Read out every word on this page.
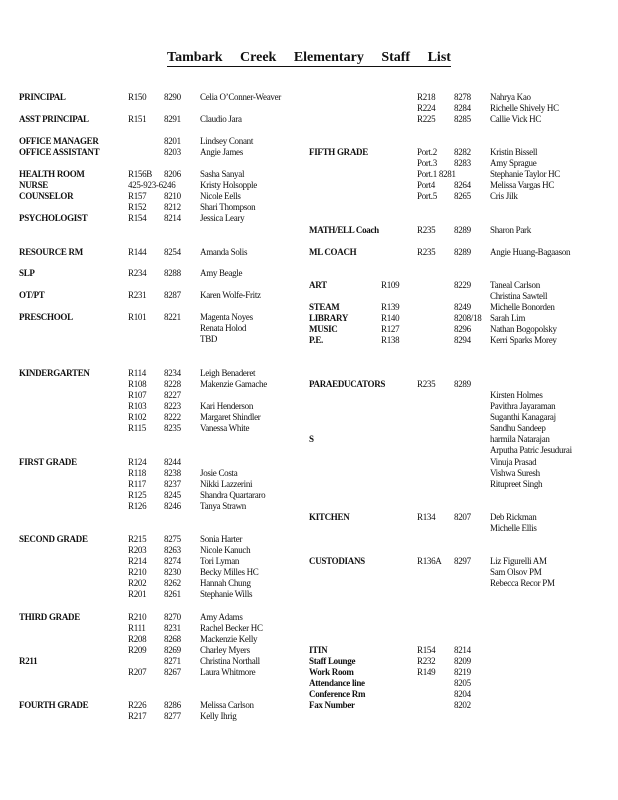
Tambark Creek Elementary Staff List
PRINCIPAL	R150 8290 Celia O’Conner-Weaver
ASST PRINCIPAL	R151 8291 Claudio Jara
OFFICE MANAGER	8201 Lindsey Conant
OFFICE ASSISTANT	8203 Angie James
HEALTH ROOM	R156B 8206 Sasha Sanyal
NURSE	425-923-6246	Kristy Holsopple
COUNSELOR	R157 8210 Nicole Eells
R152 8212 Shari Thompson
PSYCHOLOGIST	R154 8214 Jessica Leary
RESOURCE RM	R144 8254 Amanda Solis
SLP	R234 8288 Amy Beagle
OT/PT	R231 8287 Karen Wolfe-Fritz
PRESCHOOL	R101 8221 Magenta Noyes
Renata Holod
TBD
KINDERGARTEN	R114 8234 Leigh Benaderet
R108 8228 Makenzie Gamache
R107 8227
R103 8223 Kari Henderson
R102 8222 Margaret Shindler
R115 8235 Vanessa White
FIRST GRADE	R124 8244
R118 8238 Josie Costa
R117 8237 Nikki Lazzerini
R125 8245 Shandra Quartararo
R126 8246 Tanya Strawn
SECOND GRADE	R215 8275 Sonia Harter
R203 8263 Nicole Kanuch
R214 8274 Tori Lyman
R210 8230 Becky Milles HC
R202 8262 Hannah Chung
R201 8261 Stephanie Wills
THIRD GRADE	R210 8270 Amy Adams
R111 8231 Rachel Becker HC
R208 8268 Mackenzie Kelly
R209 8269 Charley Myers
R211	8271 Christina Northall
R207 8267 Laura Whitmore
FOURTH GRADE	R226 8286 Melissa Carlson
R217 8277 Kelly Ihrig
R218 8278 Nahrya Kao
R224 8284 Richelle Shively HC
R225 8285 Callie Vick HC
FIFTH GRADE	Port.2 8282 Kristin Bissell
Port.3 8283 Amy Sprague
Port.1 8281	Stephanie Taylor HC
Port4 8264 Melissa Vargas HC
Port.5 8265 Cris Jilk
MATH/ELL Coach	R235 8289 Sharon Park
ML COACH	R235 8289 Angie Huang-Bagaason
ART	R109	8229 Taneal Carlson
Christina Sawtell
STEAM	R139	8249 Michelle Bonorden
LIBRARY	R140	8208/18 Sarah Lim
MUSIC	R127	8296 Nathan Bogopolsky
P.E.	R138	8294 Kerri Sparks Morey
PARAEDUCATORS	R235 8289
Kirsten Holmes
Pavithra Jayaraman
Suganthi Kanagaraj
Sandhu Sandeep
S	harmila Natarajan
Arputha Patric Jesudurai
Vinuja Prasad
Vishwa Suresh
Ritupreet Singh
KITCHEN	R134 8207 Deb Rickman
Michelle Ellis
CUSTODIANS	R136A 8297 Liz Figurelli AM
Sam Olsov PM
Rebecca Recor PM
ITIN	R154 8214
Staff Lounge	R232 8209
Work Room	R149 8219
Attendance line	8205
Conference Rm	8204
Fax Number	8202
